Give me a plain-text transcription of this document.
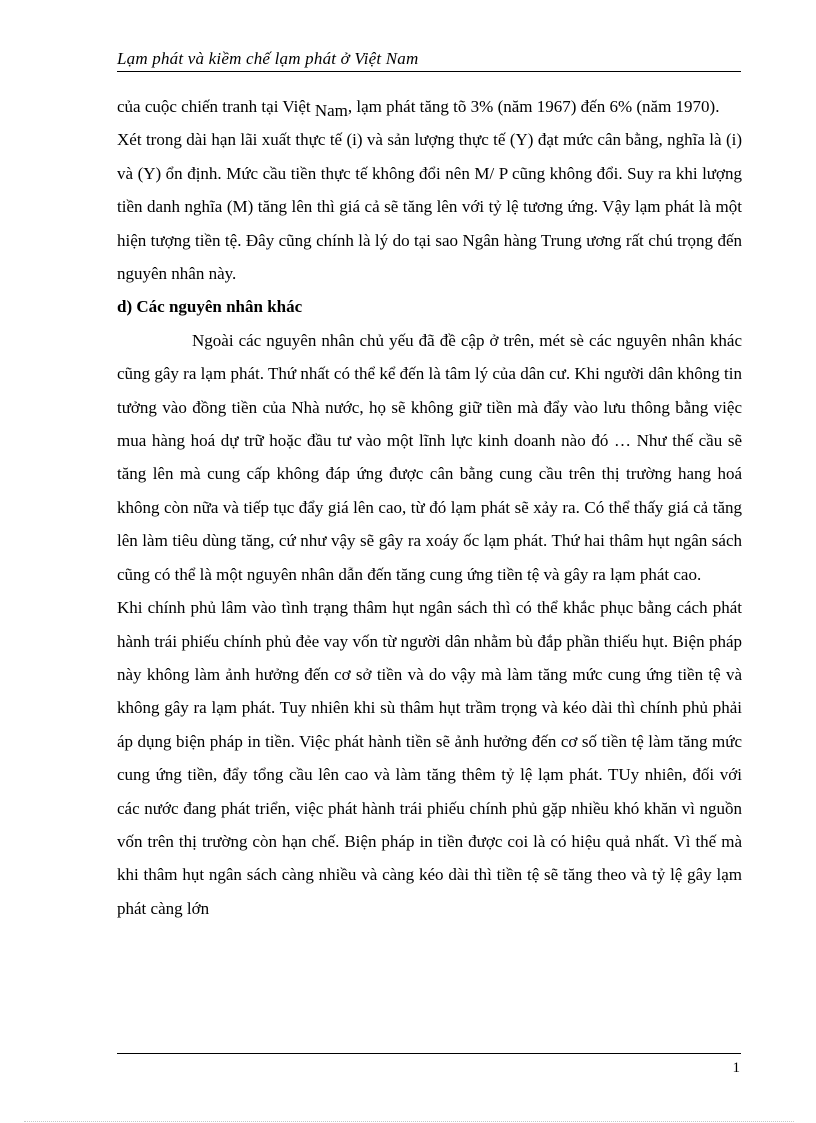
Lạm phát và kiềm chế lạm phát ở Việt Nam

của cuộc chiến tranh tại Việt Nam, lạm phát tăng tõ 3% (năm 1967) đến 6% (năm 1970).

Xét trong dài hạn lãi xuất thực tế (i) và sản lượng thực tế (Y) đạt mức cân bằng, nghĩa là (i) và (Y) ổn định. Mức cầu tiền thực tế không đổi nên M/ P cũng không đổi. Suy ra khi lượng tiền danh nghĩa (M) tăng lên thì giá cả sẽ tăng lên với tỷ lệ tương ứng. Vậy lạm phát là một hiện tượng tiền tệ. Đây cũng chính là lý do tại sao Ngân hàng Trung ương rất chú trọng đến nguyên nhân này.

d) Các nguyên nhân khác

Ngoài các nguyên nhân chủ yếu đã đề cập ở trên, mét sè các nguyên nhân khác cũng gây ra lạm phát. Thứ nhất có thể kể đến là tâm lý của dân cư. Khi người dân không tin tưởng vào đồng tiền của Nhà nước, họ sẽ không giữ tiền mà đẩy vào lưu thông bằng việc mua hàng hoá dự trữ hoặc đầu tư vào một lĩnh lực kinh doanh nào đó … Như thế cầu sẽ tăng lên mà cung cấp không đáp ứng được cân bằng cung cầu trên thị trường hang hoá không còn nữa và tiếp tục đẩy giá lên cao, từ đó lạm phát sẽ xảy ra. Có thể thấy giá cả tăng lên làm tiêu dùng tăng, cứ như vậy sẽ gây ra xoáy ốc lạm phát. Thứ hai thâm hụt ngân sách cũng có thể là một nguyên nhân dẫn đến tăng cung ứng tiền tệ và gây ra lạm phát cao.

Khi chính phủ lâm vào tình trạng thâm hụt ngân sách thì có thể khắc phục bằng cách phát hành trái phiếu chính phủ đẻe vay vốn từ người dân nhằm bù đắp phần thiếu hụt. Biện pháp này không làm ảnh hưởng đến cơ sở tiền và do vậy mà làm tăng mức cung ứng tiền tệ và không gây ra lạm phát. Tuy nhiên khi sù thâm hụt trầm trọng và kéo dài thì chính phủ phải áp dụng biện pháp in tiền. Việc phát hành tiền sẽ ảnh hưởng đến cơ số tiền tệ làm tăng mức cung ứng tiền, đẩy tổng cầu lên cao và làm tăng thêm tỷ lệ lạm phát. TUy nhiên, đối với các nước đang phát triển, việc phát hành trái phiếu chính phủ gặp nhiều khó khăn vì nguồn vốn trên thị trường còn hạn chế. Biện pháp in tiền được coi là có hiệu quả nhất. Vì thế mà khi thâm hụt ngân sách càng nhiều và càng kéo dài thì tiền tệ sẽ tăng theo và tỷ lệ gây lạm phát càng lớn

1
